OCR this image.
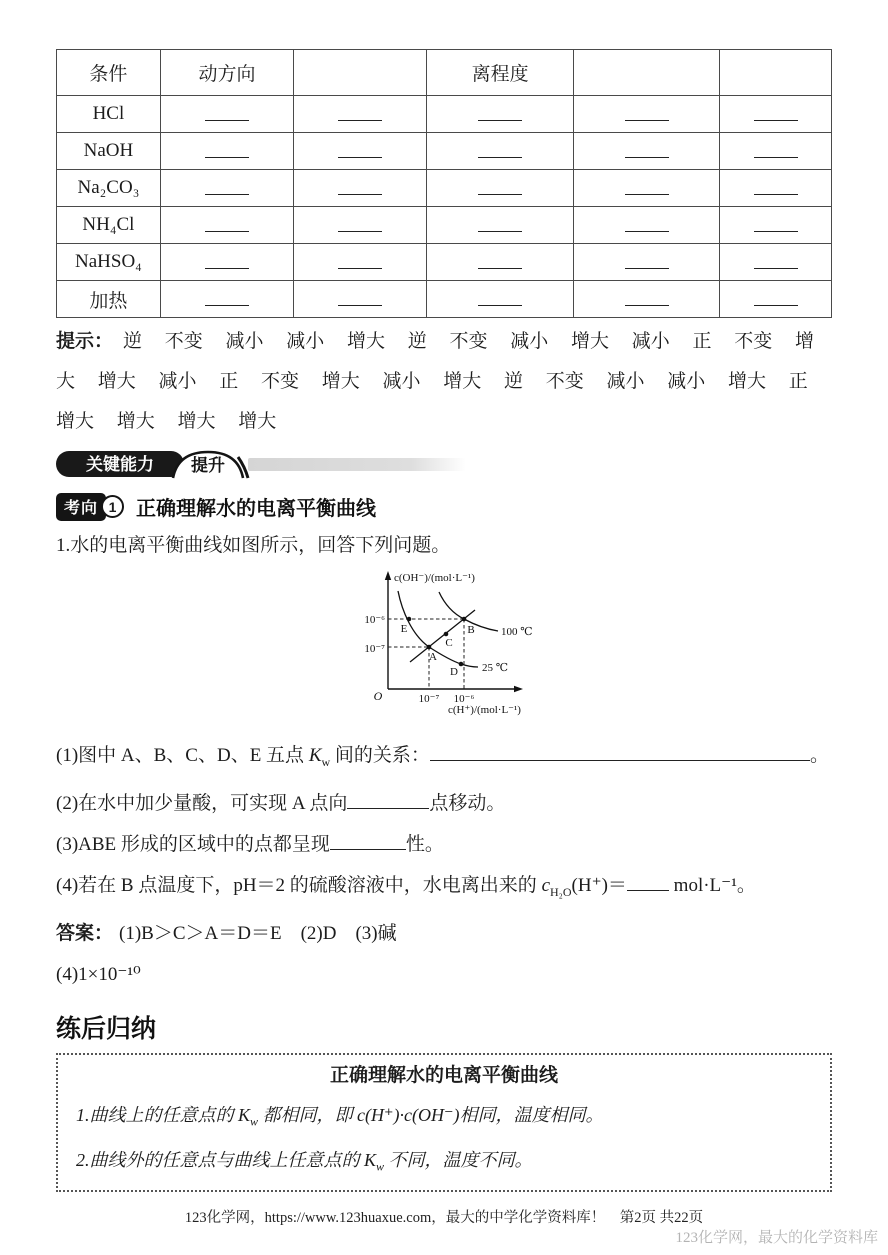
条件	动方向		离程度		
HCl					
NaOH					
Na₂CO₃					
NH₄Cl					
NaHSO₄					
加热					
提示： 逆 不变 减小 减小 增大 逆 不变 减小 增大 减小 正 不变 增
大 增大 减小 正 不变 增大 减小 增大 逆 不变 减小 减小 增大 正
增大 增大 增大 增大
关键能力 提升
考向 1 正确理解水的电离平衡曲线
1.水的电离平衡曲线如图所示，回答下列问题。
c(OH⁻)/(mol·L⁻¹)
c(H⁺)/(mol·L⁻¹)
10⁻⁶
10⁻⁷
10⁻⁷ 10⁻⁶
O
E
A
C
B
D
100 ℃
25 ℃
(1)图中 A、B、C、D、E 五点 $K_w$ 间的关系：	。
(2)在水中加少量酸，可实现 A 点向	点移动。
(3)ABE 形成的区域中的点都呈现	性。
(4)若在 B 点温度下，pH＝2 的硫酸溶液中，水电离出来的 $c_{H_2O}(H^+)= mol\cdot L^{-1}$。
答案： (1)B＞C＞A＝D＝E　(2)D　(3)碱
(4)1×10⁻¹⁰
练后归纳
正确理解水的电离平衡曲线

1.曲线上的任意点的 $K_w$ 都相同，即 c(H⁺)·c(OH⁻)相同，温度相同。

2.曲线外的任意点与曲线上任意点的 $K_w$ 不同，温度不同。

123化学网，https://www.123huaxue.com，最大的中学化学资料库！　第2页 共22页
123化学网，最大的化学资料库
